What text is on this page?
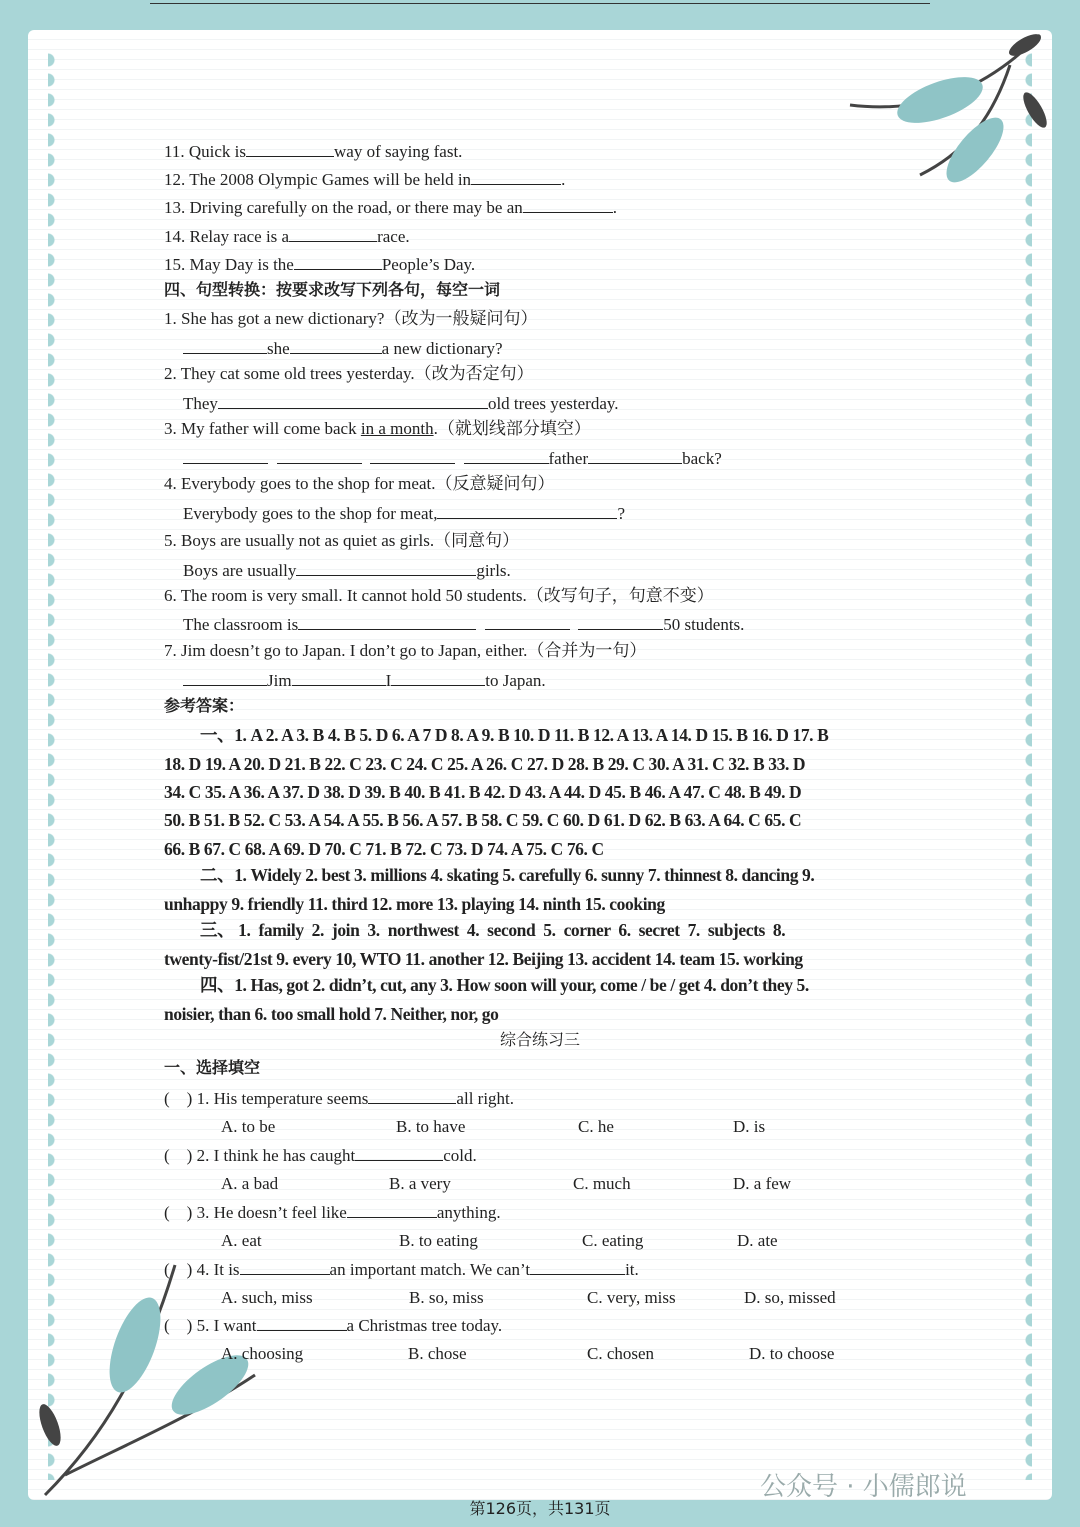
11. Quick is	way of saying fast.
12. The 2008 Olympic Games will be held in	.
13. Driving carefully on the road, or there may be an	.
14. Relay race is a	race.
15. May Day is the	People’s Day.
四、句型转换：按要求改写下列各句，每空一词
1. She has got a new dictionary?（改为一般疑问句）
she	a new dictionary?
2. They cat some old trees yesterday.（改为否定句）
They	old trees yesterday.
3. My father will come back in a month.（就划线部分填空）
father	back?
4. Everybody goes to the shop for meat.（反意疑问句）
Everybody goes to the shop for meat,	?
5. Boys are usually not as quiet as girls.（同意句）
Boys are usually	girls.
6. The room is very small. It cannot hold 50 students.（改写句子，句意不变）
The classroom is	50 students.
7. Jim doesn’t go to Japan. I don’t go to Japan, either.（合并为一句）
Jim	I	to Japan.
参考答案：
一、1. A 2. A 3. B 4. B 5. D 6. A 7 D 8. A 9. B 10. D 11. B 12. A 13. A 14. D 15. B 16. D 17. B
18. D 19. A 20. D 21. B 22. C 23. C 24. C 25. A 26. C 27. D 28. B 29. C 30. A 31. C 32. B 33. D
34. C 35. A 36. A 37. D 38. D 39. B 40. B 41. B 42. D 43. A 44. D 45. B 46. A 47. C 48. B 49. D
50. B 51. B 52. C 53. A 54. A 55. B 56. A 57. B 58. C 59. C 60. D 61. D 62. B 63. A 64. C 65. C
66. B 67. C 68. A 69. D 70. C 71. B 72. C 73. D 74. A 75. C 76. C
二、1. Widely 2. best 3. millions 4. skating 5. carefully 6. sunny 7. thinnest 8. dancing 9.
unhappy 9. friendly 11. third 12. more 13. playing 14. ninth 15. cooking
三、 1.  family  2.  join  3.  northwest  4.  second  5.  corner  6.  secret  7.  subjects  8.
twenty-fist/21st 9. every 10, WTO 11. another 12. Beijing 13. accident 14. team 15. working
四、1. Has, got 2. didn’t, cut, any 3. How soon will your, come / be / get 4. don’t they 5.
noisier, than 6. too small hold 7. Neither, nor, go
综合练习三
一、选择填空
(    ) 1. His temperature seems	all right.
A. to be	B. to have	C. he	D. is
(    ) 2. I think he has caught	cold.
A. a bad	B. a very	C. much	D. a few
(    ) 3. He doesn’t feel like	anything.
A. eat	B. to eating	C. eating	D. ate
(    ) 4. It is	an important match. We can’t	it.
A. such, miss	B. so, miss	C. very, miss	D. so, missed
(    ) 5. I want	a Christmas tree today.
A. choosing	B. chose	C. chosen	D. to choose
公众号 · 小儒郎说
第126页，共131页
